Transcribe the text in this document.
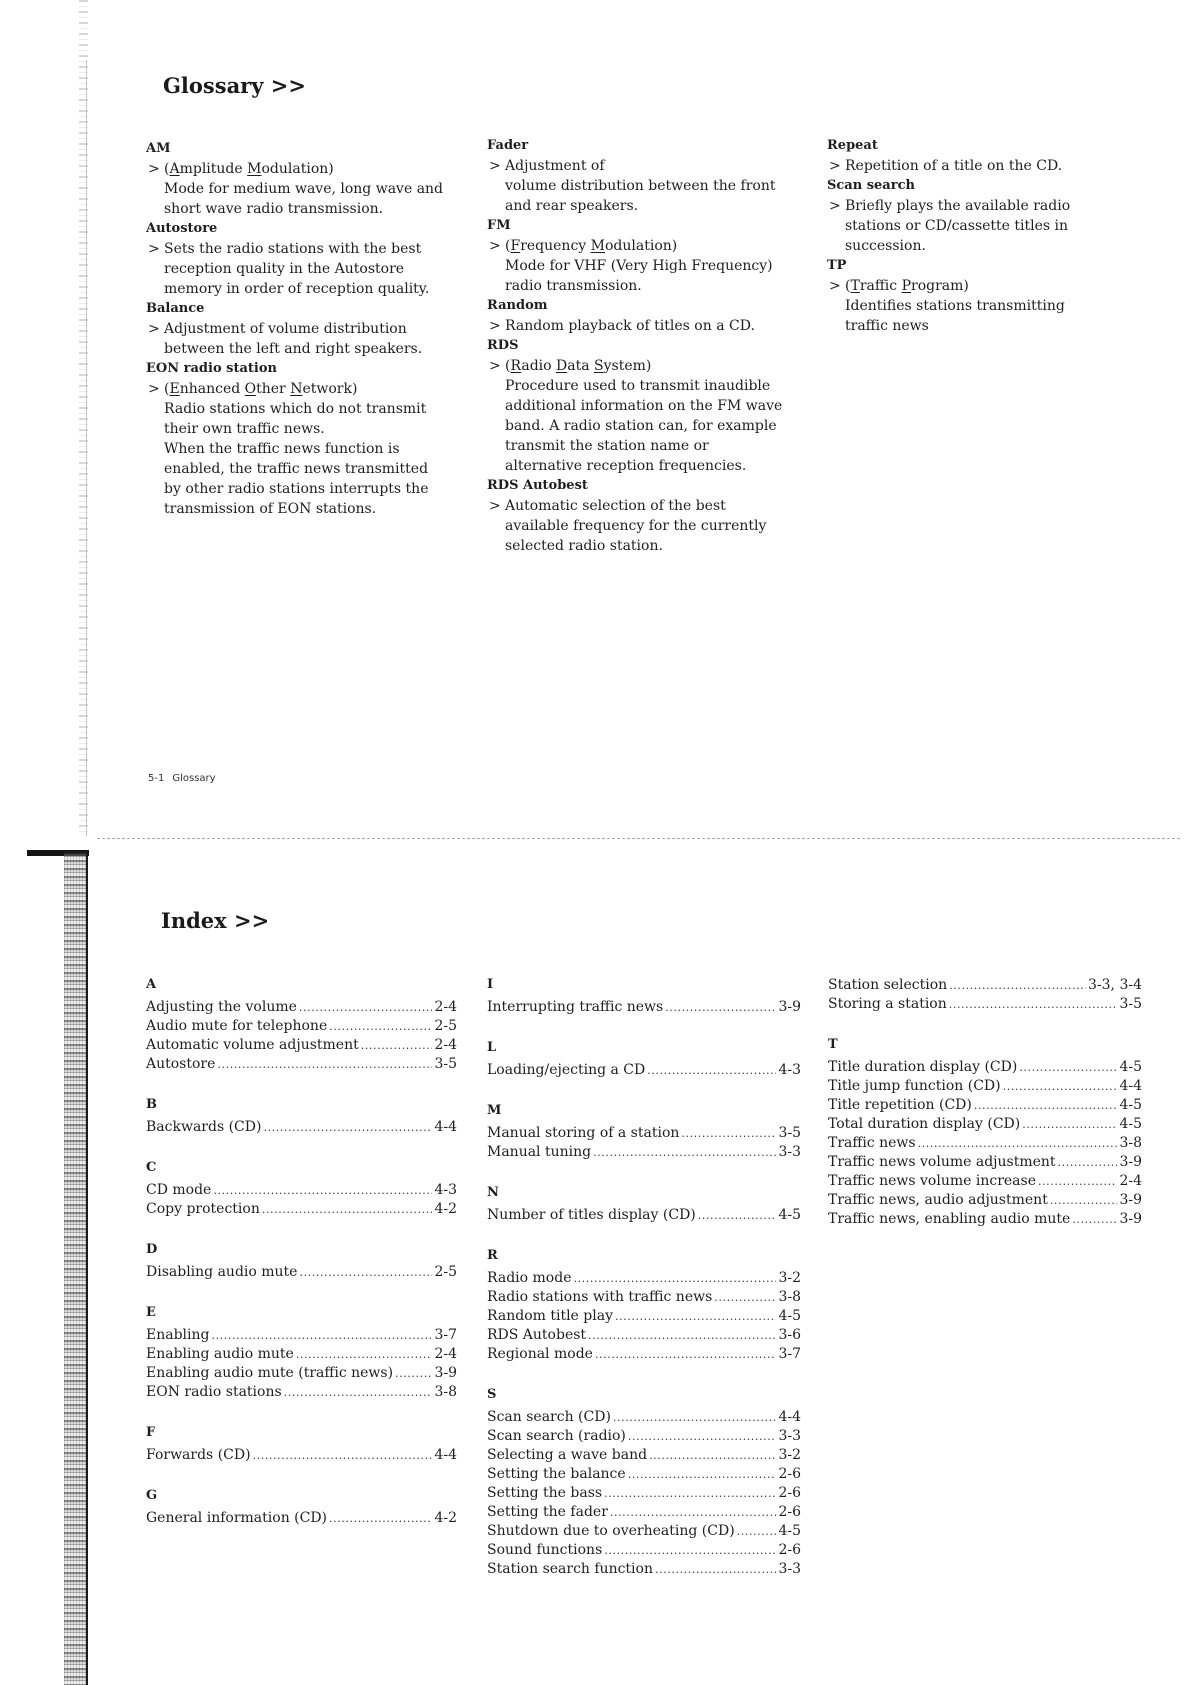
Glossary >>
AM
> (Amplitude Modulation)
Mode for medium wave, long wave and
short wave radio transmission.
Autostore
> Sets the radio stations with the best
reception quality in the Autostore
memory in order of reception quality.
Balance
> Adjustment of volume distribution
between the left and right speakers.
EON radio station
> (Enhanced Other Network)
Radio stations which do not transmit
their own traffic news.
When the traffic news function is
enabled, the traffic news transmitted
by other radio stations interrupts the
transmission of EON stations.
Fader
> Adjustment of
volume distribution between the front
and rear speakers.
FM
> (Frequency Modulation)
Mode for VHF (Very High Frequency)
radio transmission.
Random
> Random playback of titles on a CD.
RDS
> (Radio Data System)
Procedure used to transmit inaudible
additional information on the FM wave
band. A radio station can, for example
transmit the station name or
alternative reception frequencies.
RDS Autobest
> Automatic selection of the best
available frequency for the currently
selected radio station.
Repeat
> Repetition of a title on the CD.
Scan search
> Briefly plays the available radio
stations or CD/cassette titles in
succession.
TP
> (Traffic Program)
Identifies stations transmitting
traffic news
5-1 Glossary
Index >>
A
Adjusting the volume .....	2-4
Audio mute for telephone .....	2-5
Automatic volume adjustment .....	2-4
Autostore .....	3-5
B
Backwards (CD) .....	4-4
C
CD mode .....	4-3
Copy protection .....	4-2
D
Disabling audio mute .....	2-5
E
Enabling .....	3-7
Enabling audio mute .....	2-4
Enabling audio mute (traffic news) .....	3-9
EON radio stations .....	3-8
F
Forwards (CD) .....	4-4
G
General information (CD) .....	4-2
I
Interrupting traffic news .....	3-9
L
Loading/ejecting a CD .....	4-3
M
Manual storing of a station .....	3-5
Manual tuning .....	3-3
N
Number of titles display (CD) .....	4-5
R
Radio mode .....	3-2
Radio stations with traffic news .....	3-8
Random title play .....	4-5
RDS Autobest .....	3-6
Regional mode .....	3-7
S
Scan search (CD) .....	4-4
Scan search (radio) .....	3-3
Selecting a wave band .....	3-2
Setting the balance .....	2-6
Setting the bass .....	2-6
Setting the fader .....	2-6
Shutdown due to overheating (CD) .....	4-5
Sound functions .....	2-6
Station search function .....	3-3
Station selection .....	3-3, 3-4
Storing a station .....	3-5
T
Title duration display (CD) .....	4-5
Title jump function (CD) .....	4-4
Title repetition (CD) .....	4-5
Total duration display (CD) .....	4-5
Traffic news .....	3-8
Traffic news volume adjustment .....	3-9
Traffic news volume increase .....	2-4
Traffic news, audio adjustment .....	3-9
Traffic news, enabling audio mute .....	3-9
